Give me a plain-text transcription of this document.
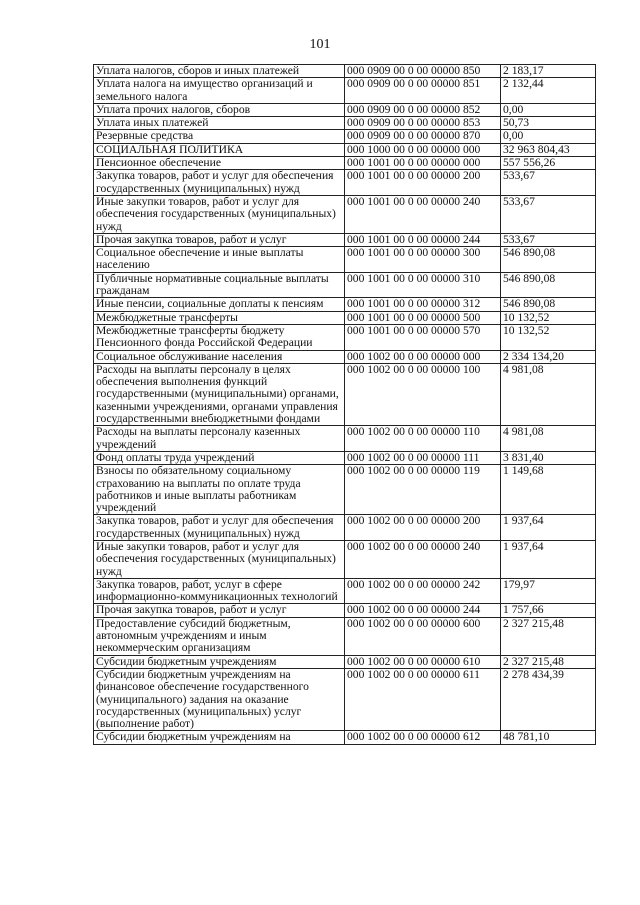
101
Уплата налогов, сборов и иных платежей	000 0909 00 0 00 00000 850	2 183,17
Уплата налога на имущество организаций и земельного налога	000 0909 00 0 00 00000 851	2 132,44
Уплата прочих налогов, сборов	000 0909 00 0 00 00000 852	0,00
Уплата иных платежей	000 0909 00 0 00 00000 853	50,73
Резервные средства	000 0909 00 0 00 00000 870	0,00
СОЦИАЛЬНАЯ ПОЛИТИКА	000 1000 00 0 00 00000 000	32 963 804,43
Пенсионное обеспечение	000 1001 00 0 00 00000 000	557 556,26
Закупка товаров, работ и услуг для обеспечения государственных (муниципальных) нужд	000 1001 00 0 00 00000 200	533,67
Иные закупки товаров, работ и услуг для обеспечения государственных (муниципальных) нужд	000 1001 00 0 00 00000 240	533,67
Прочая закупка товаров, работ и услуг	000 1001 00 0 00 00000 244	533,67
Социальное обеспечение и иные выплаты населению	000 1001 00 0 00 00000 300	546 890,08
Публичные нормативные социальные выплаты гражданам	000 1001 00 0 00 00000 310	546 890,08
Иные пенсии, социальные доплаты к пенсиям	000 1001 00 0 00 00000 312	546 890,08
Межбюджетные трансферты	000 1001 00 0 00 00000 500	10 132,52
Межбюджетные трансферты бюджету Пенсионного фонда Российской Федерации	000 1001 00 0 00 00000 570	10 132,52
Социальное обслуживание населения	000 1002 00 0 00 00000 000	2 334 134,20
Расходы на выплаты персоналу в целях обеспечения выполнения функций государственными (муниципальными) органами, казенными учреждениями, органами управления государственными внебюджетными фондами	000 1002 00 0 00 00000 100	4 981,08
Расходы на выплаты персоналу казенных учреждений	000 1002 00 0 00 00000 110	4 981,08
Фонд оплаты труда учреждений	000 1002 00 0 00 00000 111	3 831,40
Взносы по обязательному социальному страхованию на выплаты по оплате труда работников и иные выплаты работникам учреждений	000 1002 00 0 00 00000 119	1 149,68
Закупка товаров, работ и услуг для обеспечения государственных (муниципальных) нужд	000 1002 00 0 00 00000 200	1 937,64
Иные закупки товаров, работ и услуг для обеспечения государственных (муниципальных) нужд	000 1002 00 0 00 00000 240	1 937,64
Закупка товаров, работ, услуг в сфере информационно-коммуникационных технологий	000 1002 00 0 00 00000 242	179,97
Прочая закупка товаров, работ и услуг	000 1002 00 0 00 00000 244	1 757,66
Предоставление субсидий бюджетным, автономным учреждениям и иным некоммерческим организациям	000 1002 00 0 00 00000 600	2 327 215,48
Субсидии бюджетным учреждениям	000 1002 00 0 00 00000 610	2 327 215,48
Субсидии бюджетным учреждениям на финансовое обеспечение государственного (муниципального) задания на оказание государственных (муниципальных) услуг (выполнение работ)	000 1002 00 0 00 00000 611	2 278 434,39
Субсидии бюджетным учреждениям на	000 1002 00 0 00 00000 612	48 781,10
